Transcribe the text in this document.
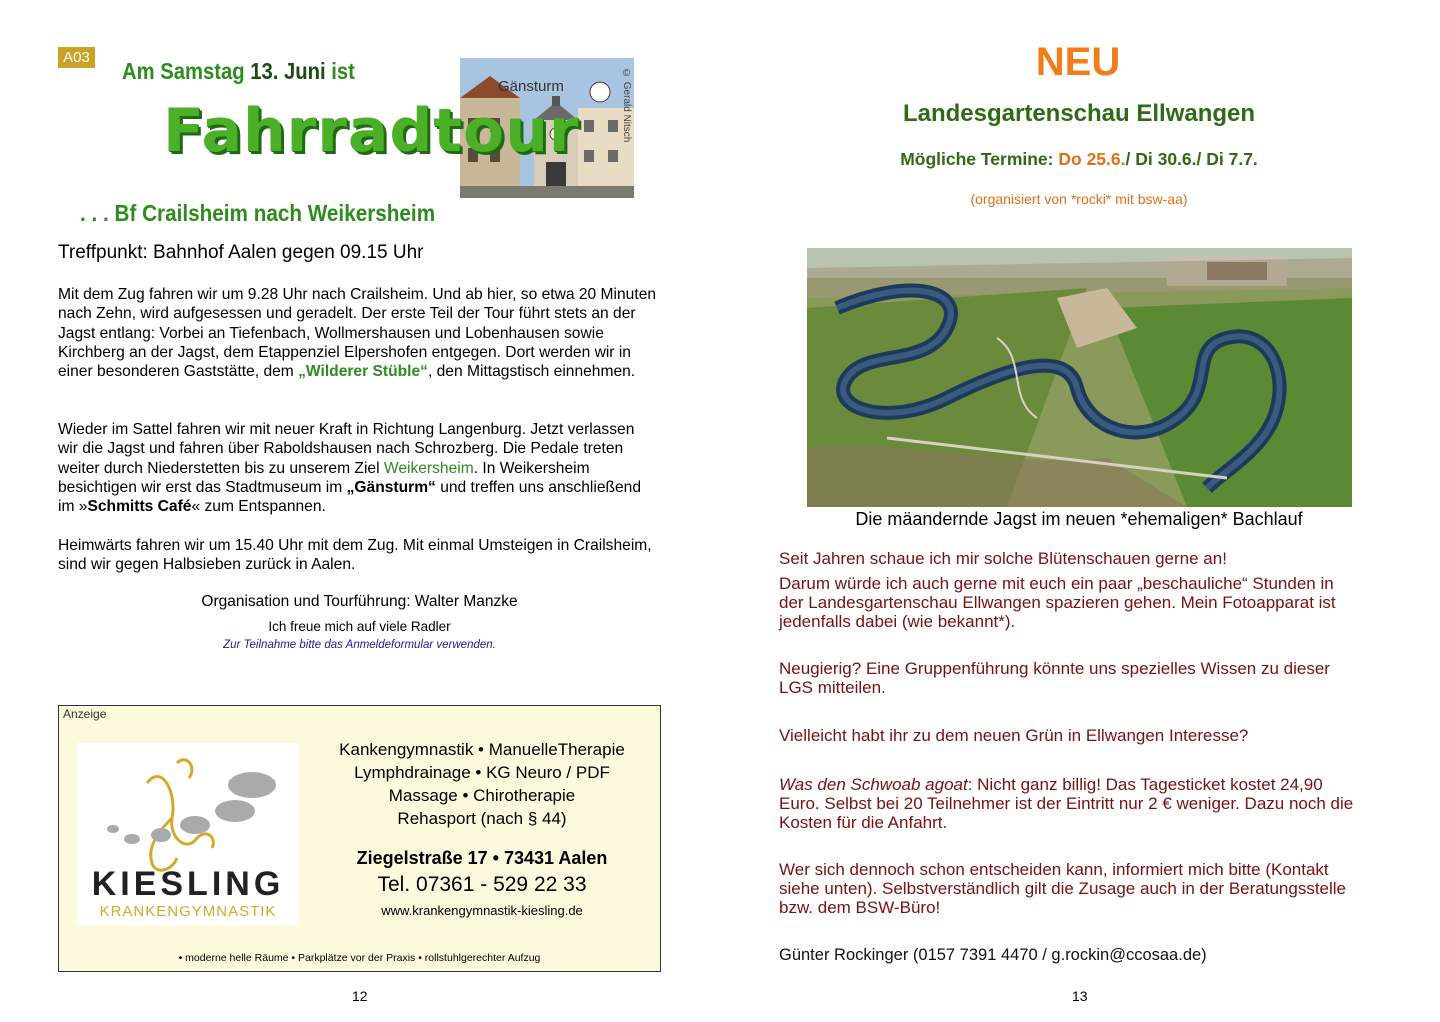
A03
Am Samstag 13. Juni ist
Gänsturm	© Gerald Nitsch
Fahrradtour
. . . Bf Crailsheim nach Weikersheim
Treffpunkt: Bahnhof Aalen gegen 09.15 Uhr
Mit dem Zug fahren wir um 9.28 Uhr nach Crailsheim. Und ab hier, so etwa 20 Minuten nach Zehn, wird aufgesessen und geradelt. Der erste Teil der Tour führt stets an der Jagst entlang: Vorbei an Tiefenbach, Wollmershausen und Lobenhausen sowie Kirchberg an der Jagst, dem Etappenziel Elpershofen entgegen. Dort werden wir in einer besonderen Gaststätte, dem „Wilderer Stüble“, den Mittagstisch einnehmen.
Wieder im Sattel fahren wir mit neuer Kraft in Richtung Langenburg. Jetzt verlassen wir die Jagst und fahren über Raboldshausen nach Schrozberg. Die Pedale treten weiter durch Niederstetten bis zu unserem Ziel Weikersheim. In Weikersheim besichtigen wir erst das Stadtmuseum im „Gänsturm“ und treffen uns anschließend im »Schmitts Café« zum Entspannen.
Heimwärts fahren wir um 15.40 Uhr mit dem Zug. Mit einmal Umsteigen in Crailsheim, sind wir gegen Halbsieben zurück in Aalen.
Organisation und Tourführung: Walter Manzke
Ich freue mich auf viele Radler
Zur Teilnahme bitte das Anmeldeformular verwenden.
Anzeige
KIESLING
KRANKENGYMNASTIK
Kankengymnastik • ManuelleTherapie
Lymphdrainage • KG Neuro / PDF
Massage • Chirotherapie
Rehasport (nach § 44)
Ziegelstraße 17 • 73431 Aalen
Tel. 07361 - 529 22 33
www.krankengymnastik-kiesling.de
• moderne helle Räume • Parkplätze vor der Praxis • rollstuhlgerechter Aufzug
12
NEU
Landesgartenschau Ellwangen
Mögliche Termine: Do 25.6./ Di 30.6./ Di 7.7.
(organisiert von *rocki* mit bsw-aa)
Die mäandernde Jagst im neuen *ehemaligen* Bachlauf
Seit Jahren schaue ich mir solche Blütenschauen gerne an!
Darum würde ich auch gerne mit euch ein paar „beschauliche“ Stunden in der Landesgartenschau Ellwangen spazieren gehen. Mein Fotoapparat ist jedenfalls dabei (wie bekannt*).
Neugierig? Eine Gruppenführung könnte uns spezielles Wissen zu dieser LGS mitteilen.
Vielleicht habt ihr zu dem neuen Grün in Ellwangen Interesse?
Was den Schwoab agoat: Nicht ganz billig! Das Tagesticket kostet 24,90 Euro. Selbst bei 20 Teilnehmer ist der Eintritt nur 2 € weniger. Dazu noch die Kosten für die Anfahrt.
Wer sich dennoch schon entscheiden kann, informiert mich bitte (Kontakt siehe unten). Selbstverständlich gilt die Zusage auch in der Beratungsstelle bzw. dem BSW-Büro!
Günter Rockinger (0157 7391 4470 / g.rockin@ccosaa.de)
13
